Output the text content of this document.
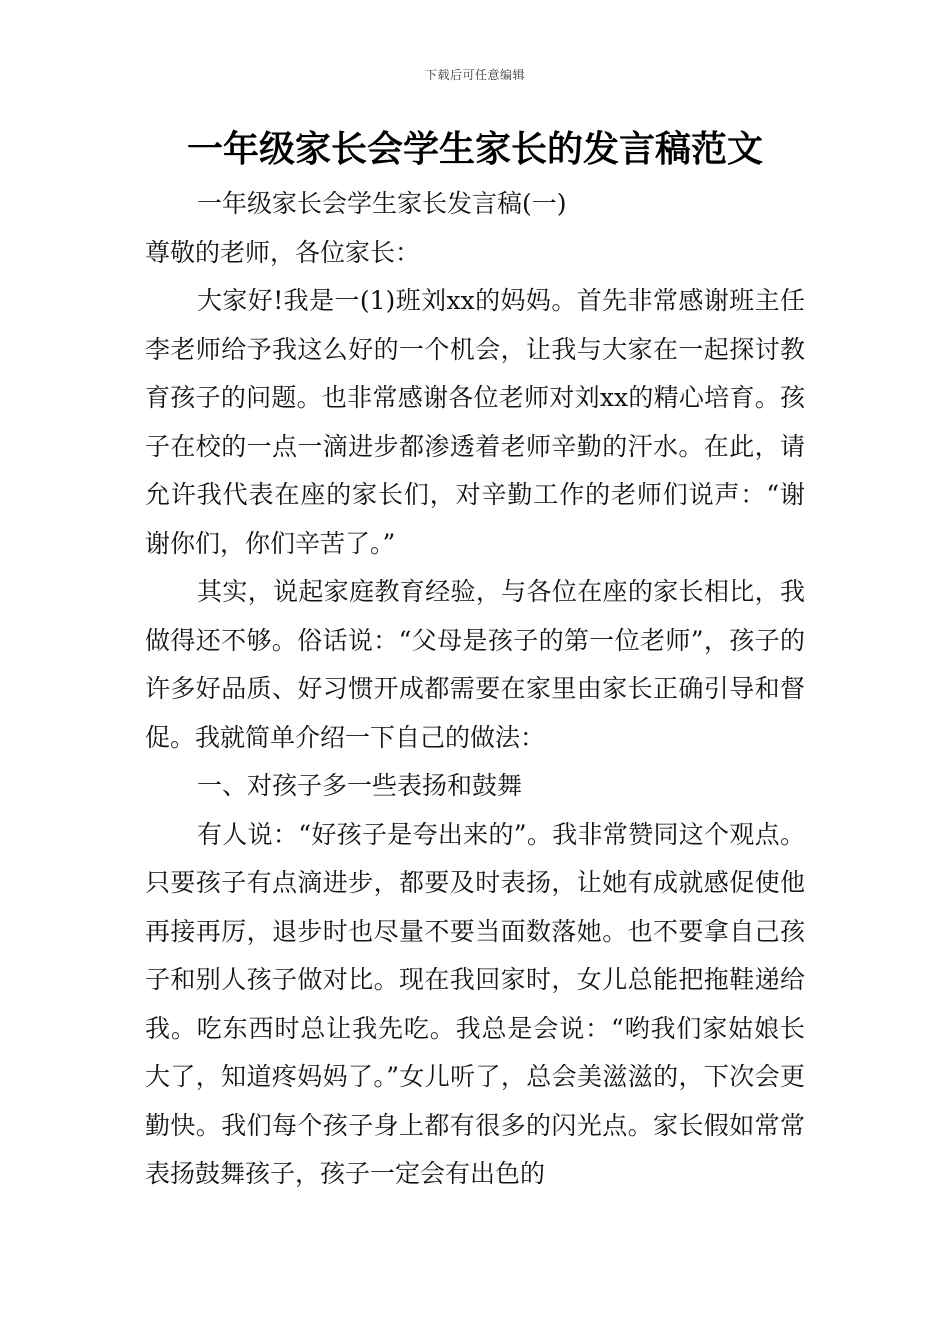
下载后可任意编辑
一年级家长会学生家长的发言稿范文

一年级家长会学生家长发言稿(一)

尊敬的老师，各位家长：

大家好!我是一(1)班刘xx的妈妈。首先非常感谢班主任李老师给予我这么好的一个机会，让我与大家在一起探讨教育孩子的问题。也非常感谢各位老师对刘xx的精心培育。孩子在校的一点一滴进步都渗透着老师辛勤的汗水。在此，请允许我代表在座的家长们，对辛勤工作的老师们说声：“谢谢你们，你们辛苦了。”

其实，说起家庭教育经验，与各位在座的家长相比，我做得还不够。俗话说：“父母是孩子的第一位老师”，孩子的许多好品质、好习惯开成都需要在家里由家长正确引导和督促。我就简单介绍一下自己的做法：

一、对孩子多一些表扬和鼓舞

有人说：“好孩子是夸出来的”。我非常赞同这个观点。只要孩子有点滴进步，都要及时表扬，让她有成就感促使他再接再厉，退步时也尽量不要当面数落她。也不要拿自己孩子和别人孩子做对比。现在我回家时，女儿总能把拖鞋递给我。吃东西时总让我先吃。我总是会说：“哟我们家姑娘长大了，知道疼妈妈了。”女儿听了，总会美滋滋的，下次会更勤快。我们每个孩子身上都有很多的闪光点。家长假如常常表扬鼓舞孩子，孩子一定会有出色的
